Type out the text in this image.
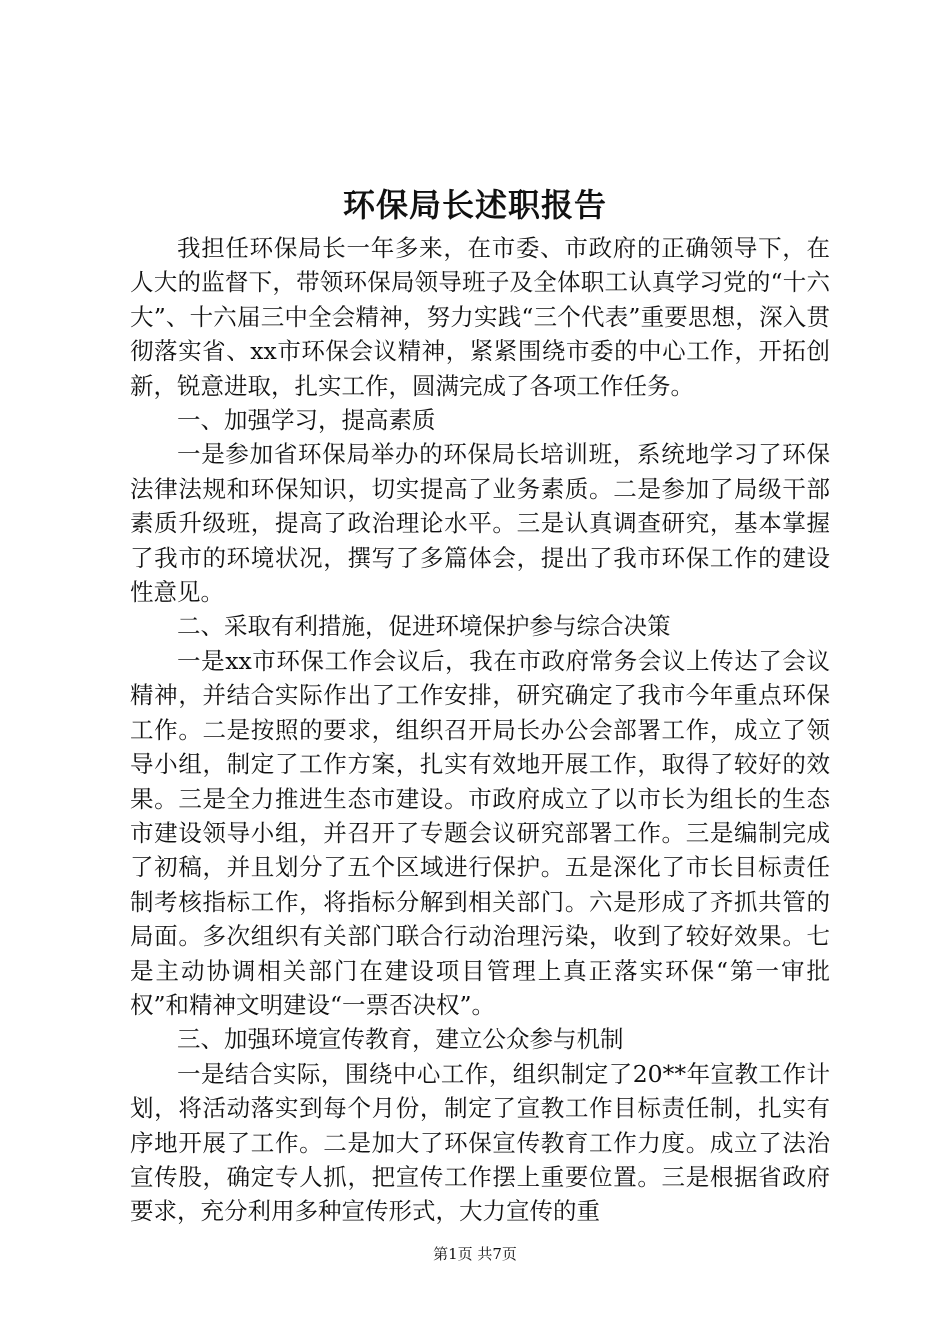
环保局长述职报告

我担任环保局长一年多来，在市委、市政府的正确领导下，在人大的监督下，带领环保局领导班子及全体职工认真学习党的“十六大”、十六届三中全会精神，努力实践“三个代表”重要思想，深入贯彻落实省、xx市环保会议精神，紧紧围绕市委的中心工作，开拓创新，锐意进取，扎实工作，圆满完成了各项工作任务。

一、加强学习，提高素质

一是参加省环保局举办的环保局长培训班，系统地学习了环保法律法规和环保知识，切实提高了业务素质。二是参加了局级干部素质升级班，提高了政治理论水平。三是认真调查研究，基本掌握了我市的环境状况，撰写了多篇体会，提出了我市环保工作的建设性意见。

二、采取有利措施，促进环境保护参与综合决策

一是xx市环保工作会议后，我在市政府常务会议上传达了会议精神，并结合实际作出了工作安排，研究确定了我市今年重点环保工作。二是按照的要求，组织召开局长办公会部署工作，成立了领导小组，制定了工作方案，扎实有效地开展工作，取得了较好的效果。三是全力推进生态市建设。市政府成立了以市长为组长的生态市建设领导小组，并召开了专题会议研究部署工作。三是编制完成了初稿，并且划分了五个区域进行保护。五是深化了市长目标责任制考核指标工作，将指标分解到相关部门。六是形成了齐抓共管的局面。多次组织有关部门联合行动治理污染，收到了较好效果。七是主动协调相关部门在建设项目管理上真正落实环保“第一审批权”和精神文明建设“一票否决权”。

三、加强环境宣传教育，建立公众参与机制

一是结合实际，围绕中心工作，组织制定了20**年宣教工作计划，将活动落实到每个月份，制定了宣教工作目标责任制，扎实有序地开展了工作。二是加大了环保宣传教育工作力度。成立了法治宣传股，确定专人抓，把宣传工作摆上重要位置。三是根据省政府要求，充分利用多种宣传形式，大力宣传的重

第1页 共7页
